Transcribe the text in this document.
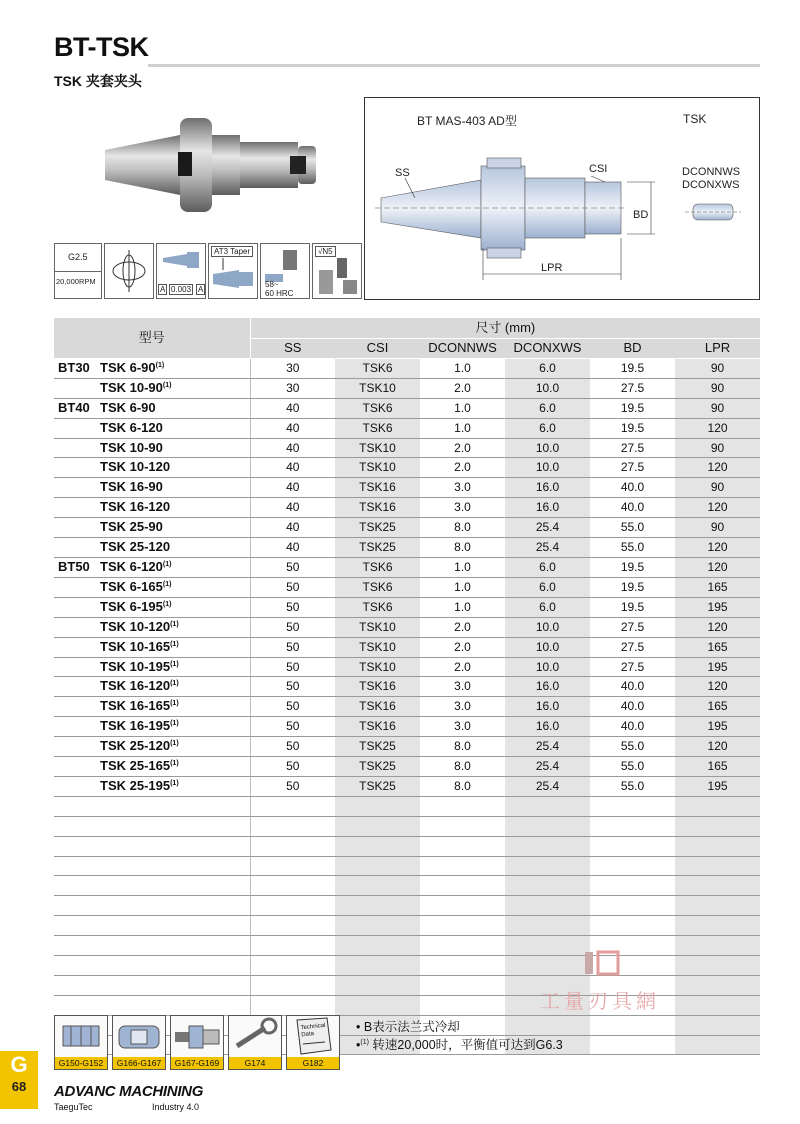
BT-TSK
TSK 夹套夹头
G2.5
20,000RPM
A 0.003 A
AT3 Taper
58~
60 HRC
√N5
BT MAS-403 AD型	TSK
SS	CSI
BD
LPR
DCONNWS
DCONXWS
型号	尺寸 (mm)					
	SS	CSI	DCONNWS	DCONXWS	BD	LPR
BT30 TSK 6-90$^{(1)}$	30	TSK6	1.0	6.0	19.5	90
TSK 10-90$^{(1)}$	30	TSK10	2.0	10.0	27.5	90
BT40 TSK 6-90	40	TSK6	1.0	6.0	19.5	90
TSK 6-120	40	TSK6	1.0	6.0	19.5	120
TSK 10-90	40	TSK10	2.0	10.0	27.5	90
TSK 10-120	40	TSK10	2.0	10.0	27.5	120
TSK 16-90	40	TSK16	3.0	16.0	40.0	90
TSK 16-120	40	TSK16	3.0	16.0	40.0	120
TSK 25-90	40	TSK25	8.0	25.4	55.0	90
TSK 25-120	40	TSK25	8.0	25.4	55.0	120
BT50 TSK 6-120$^{(1)}$	50	TSK6	1.0	6.0	19.5	120
TSK 6-165$^{(1)}$	50	TSK6	1.0	6.0	19.5	165
TSK 6-195$^{(1)}$	50	TSK6	1.0	6.0	19.5	195
TSK 10-120$^{(1)}$	50	TSK10	2.0	10.0	27.5	120
TSK 10-165$^{(1)}$	50	TSK10	2.0	10.0	27.5	165
TSK 10-195$^{(1)}$	50	TSK10	2.0	10.0	27.5	195
TSK 16-120$^{(1)}$	50	TSK16	3.0	16.0	40.0	120
TSK 16-165$^{(1)}$	50	TSK16	3.0	16.0	40.0	165
TSK 16-195$^{(1)}$	50	TSK16	3.0	16.0	40.0	195
TSK 25-120$^{(1)}$	50	TSK25	8.0	25.4	55.0	120
TSK 25-165$^{(1)}$	50	TSK25	8.0	25.4	55.0	165
TSK 25-195$^{(1)}$	50	TSK25	8.0	25.4	55.0	195

工量刃具網
G150-G152	G166-G167	G167-G169	G174
Technical Data
G182
• B表示法兰式冷却
•$^{(1)}$ 转速20,000时，平衡值可达到G6.3
G
68	ADVANC MACHINING
TaeguTec	Industry 4.0
